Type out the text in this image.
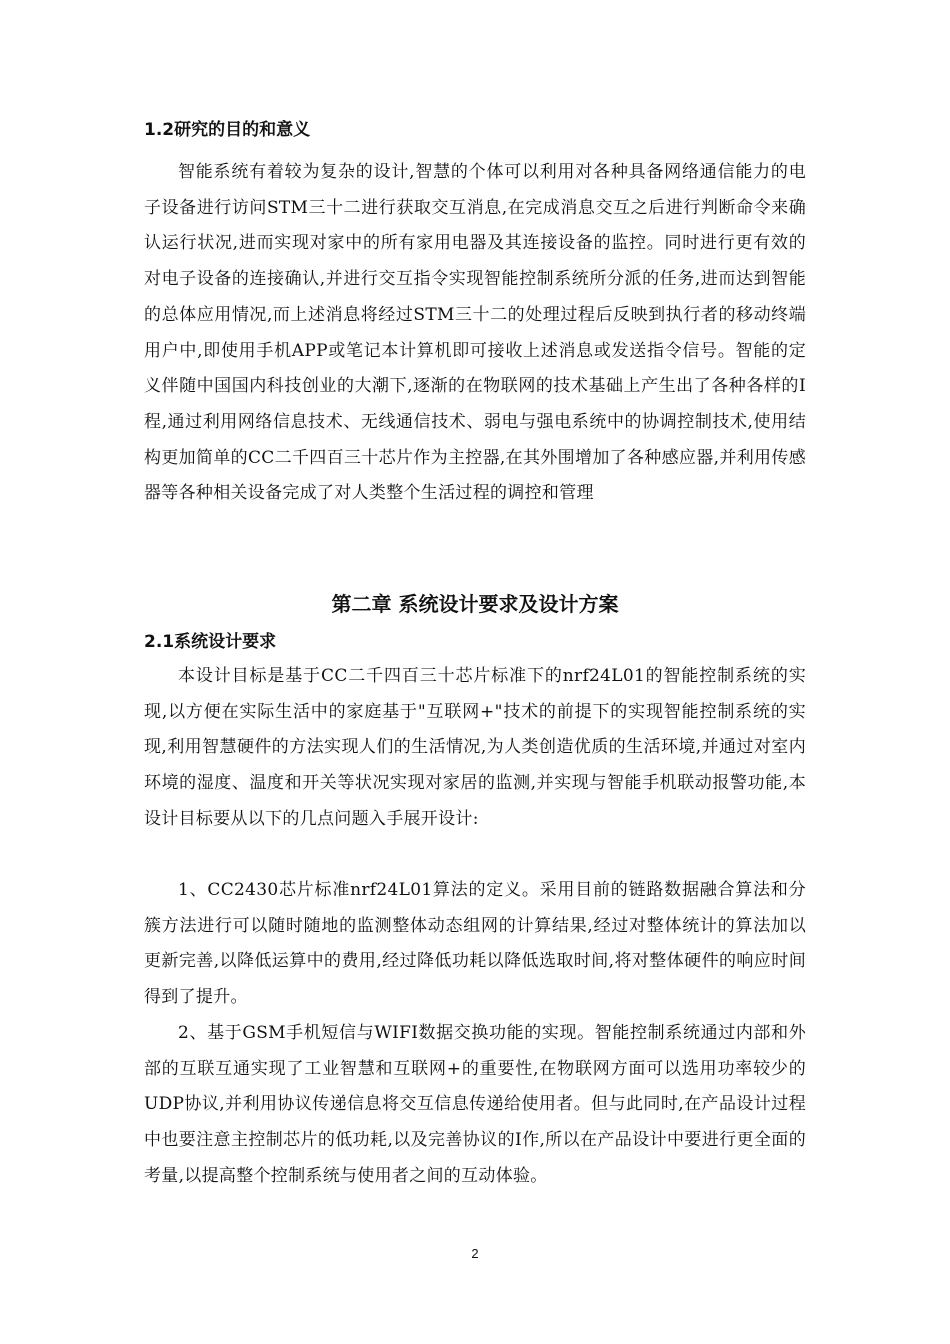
1.2研究的目的和意义

智能系统有着较为复杂的设计,智慧的个体可以利用对各种具备网络通信能力的电子设备进行访问STM三十二进行获取交互消息,在完成消息交互之后进行判断命令来确认运行状况,进而实现对家中的所有家用电器及其连接设备的监控。同时进行更有效的对电子设备的连接确认,并进行交互指令实现智能控制系统所分派的任务,进而达到智能的总体应用情况,而上述消息将经过STM三十二的处理过程后反映到执行者的移动终端用户中,即使用手机APP或笔记本计算机即可接收上述消息或发送指令信号。智能的定义伴随中国国内科技创业的大潮下,逐渐的在物联网的技术基础上产生出了各种各样的I程,通过利用网络信息技术、无线通信技术、弱电与强电系统中的协调控制技术,使用结构更加简单的CC二千四百三十芯片作为主控器,在其外围增加了各种感应器,并利用传感器等各种相关设备完成了对人类整个生活过程的调控和管理

第二章 系统设计要求及设计方案
2.1系统设计要求

本设计目标是基于CC二千四百三十芯片标准下的nrf24L01的智能控制系统的实现,以方便在实际生活中的家庭基于"互联网+"技术的前提下的实现智能控制系统的实现,利用智慧硬件的方法实现人们的生活情况,为人类创造优质的生活环境,并通过对室内环境的湿度、温度和开关等状况实现对家居的监测,并实现与智能手机联动报警功能,本设计目标要从以下的几点问题入手展开设计:

1、CC2430芯片标准nrf24L01算法的定义。采用目前的链路数据融合算法和分簇方法进行可以随时随地的监测整体动态组网的计算结果,经过对整体统计的算法加以更新完善,以降低运算中的费用,经过降低功耗以降低选取时间,将对整体硬件的响应时间得到了提升。

2、基于GSM手机短信与WIFI数据交换功能的实现。智能控制系统通过内部和外部的互联互通实现了工业智慧和互联网+的重要性,在物联网方面可以选用功率较少的UDP协议,并利用协议传递信息将交互信息传递给使用者。但与此同时,在产品设计过程中也要注意主控制芯片的低功耗,以及完善协议的I作,所以在产品设计中要进行更全面的考量,以提高整个控制系统与使用者之间的互动体验。

2
